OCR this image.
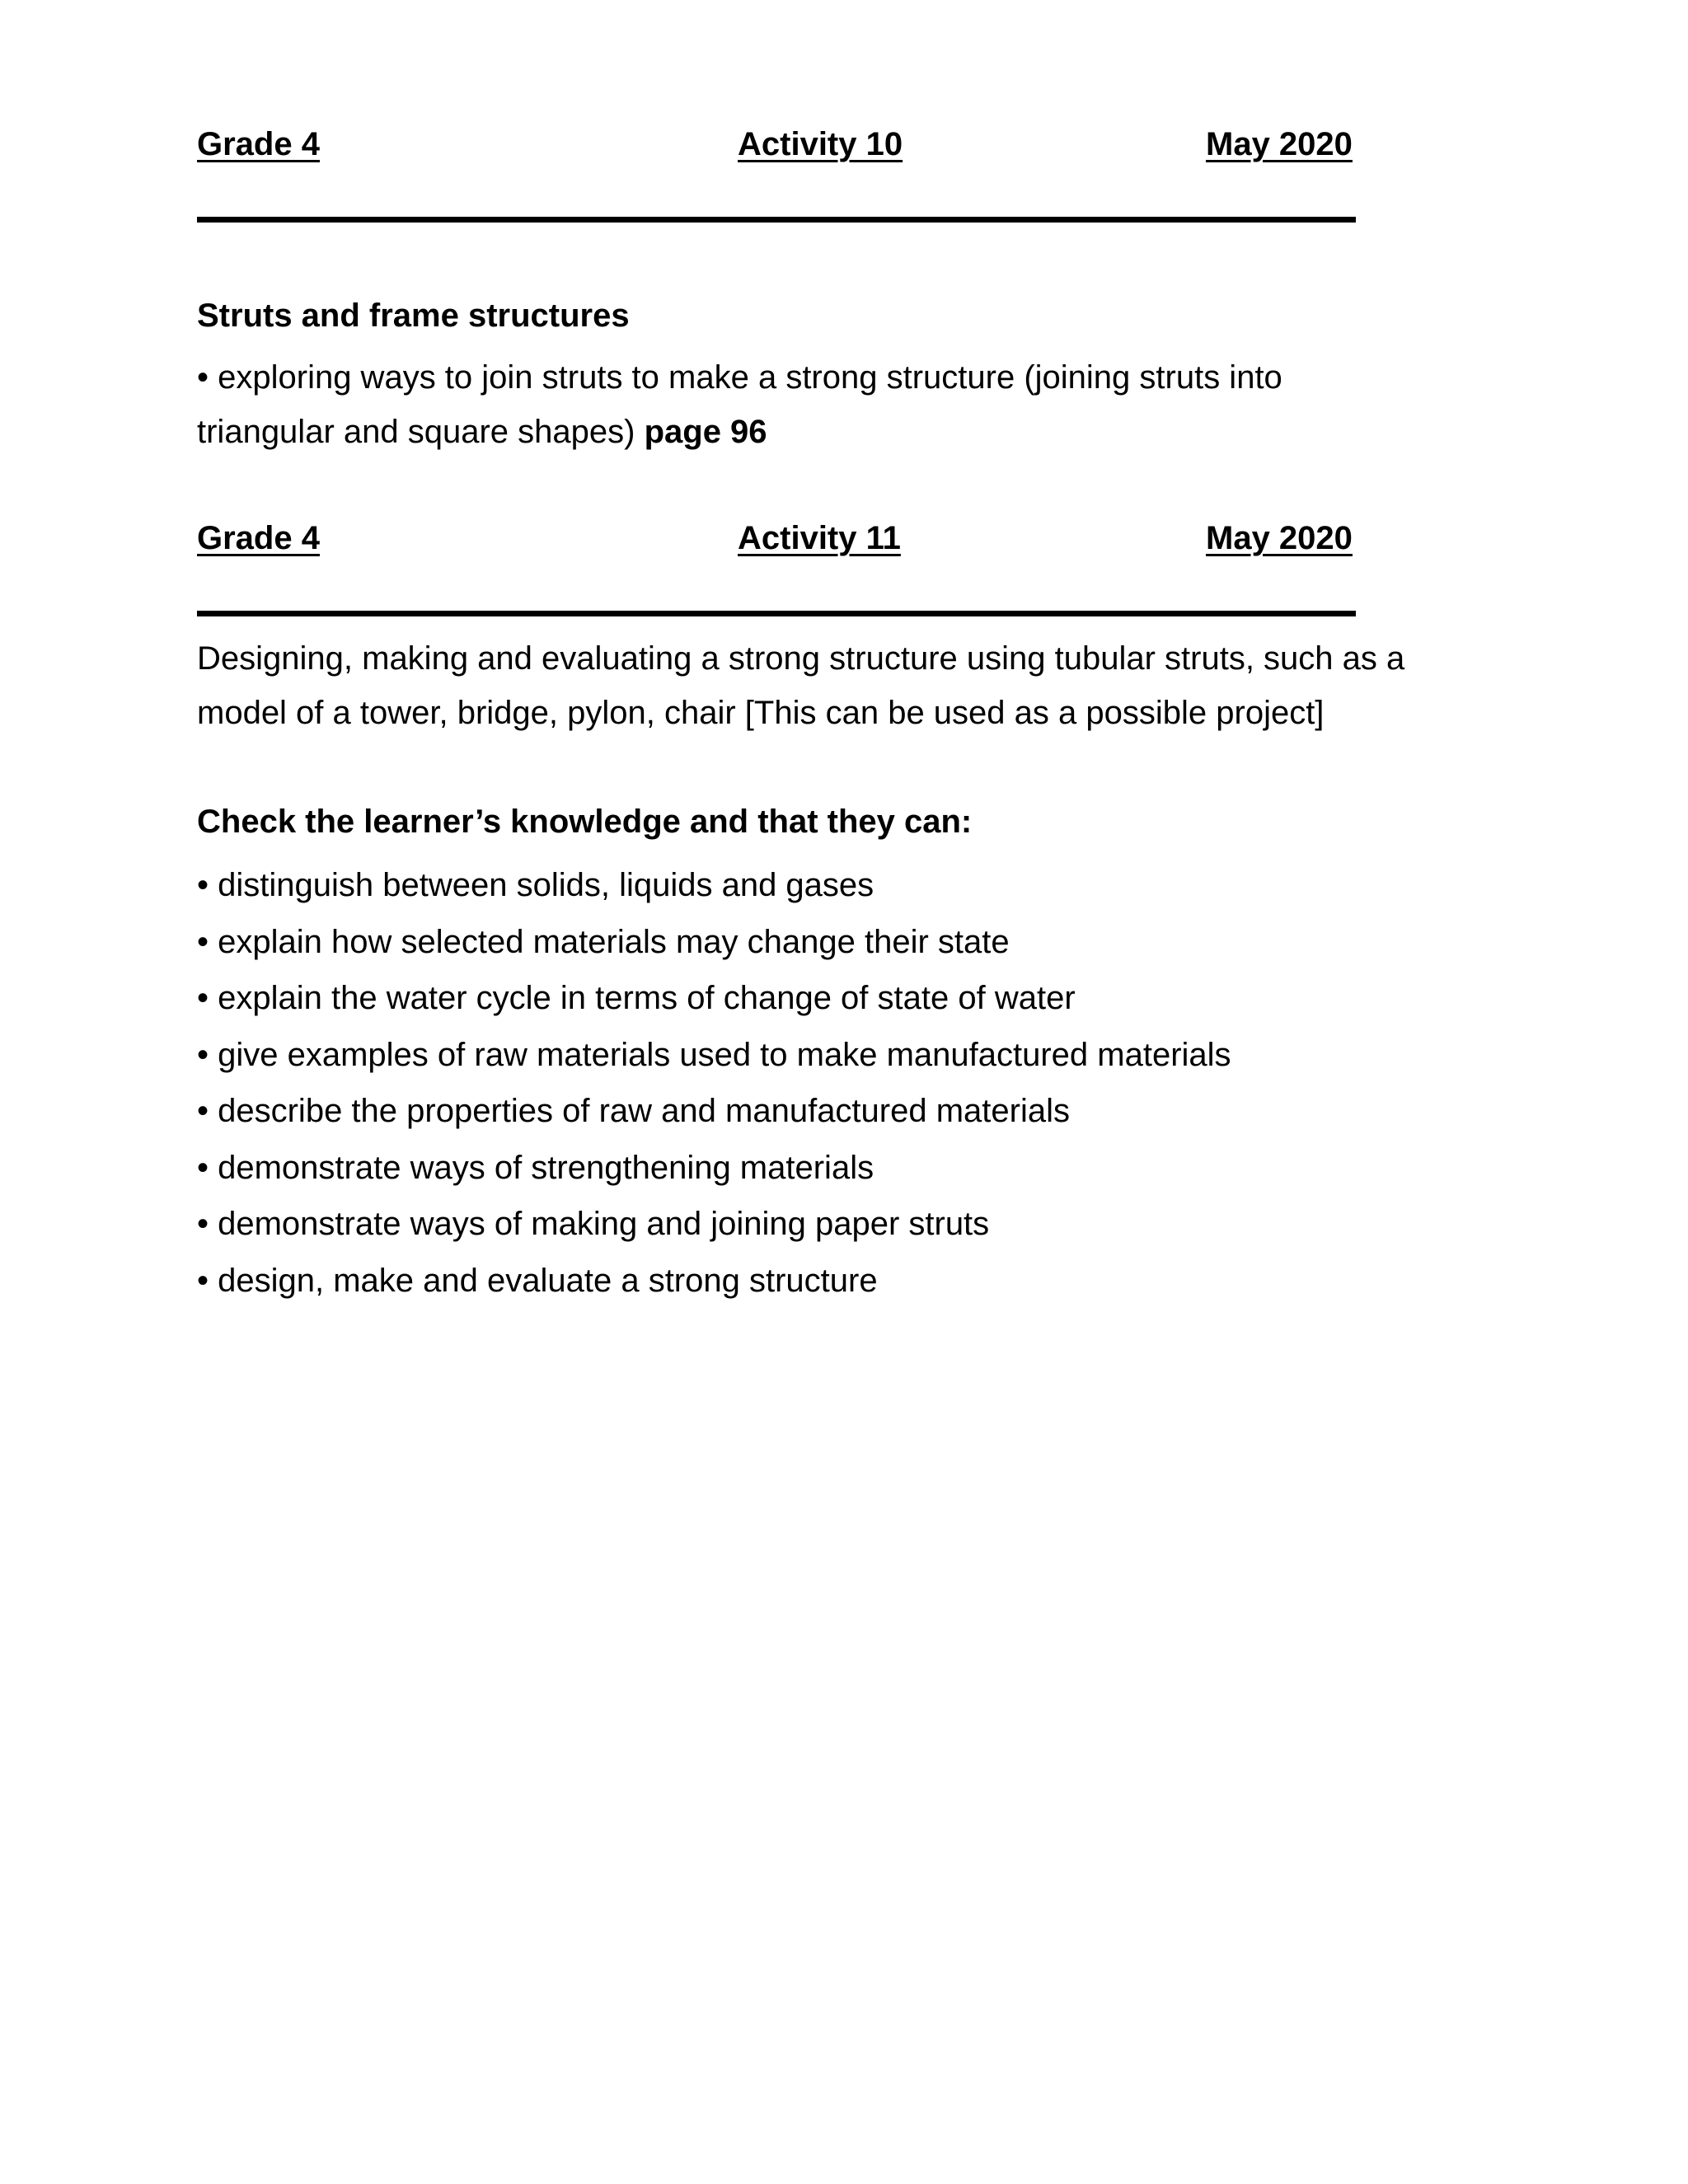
Grade 4	Activity 10	May 2020
Struts and frame structures
• exploring ways to join struts to make a strong structure (joining struts into triangular and square shapes) page 96
Grade 4	Activity 11	May 2020
Designing, making and evaluating a strong structure using tubular struts, such as a model of a tower, bridge, pylon, chair [This can be used as a possible project]
Check the learner’s knowledge and that they can:
• distinguish between solids, liquids and gases
• explain how selected materials may change their state
• explain the water cycle in terms of change of state of water
• give examples of raw materials used to make manufactured materials
• describe the properties of raw and manufactured materials
• demonstrate ways of strengthening materials
• demonstrate ways of making and joining paper struts
• design, make and evaluate a strong structure
